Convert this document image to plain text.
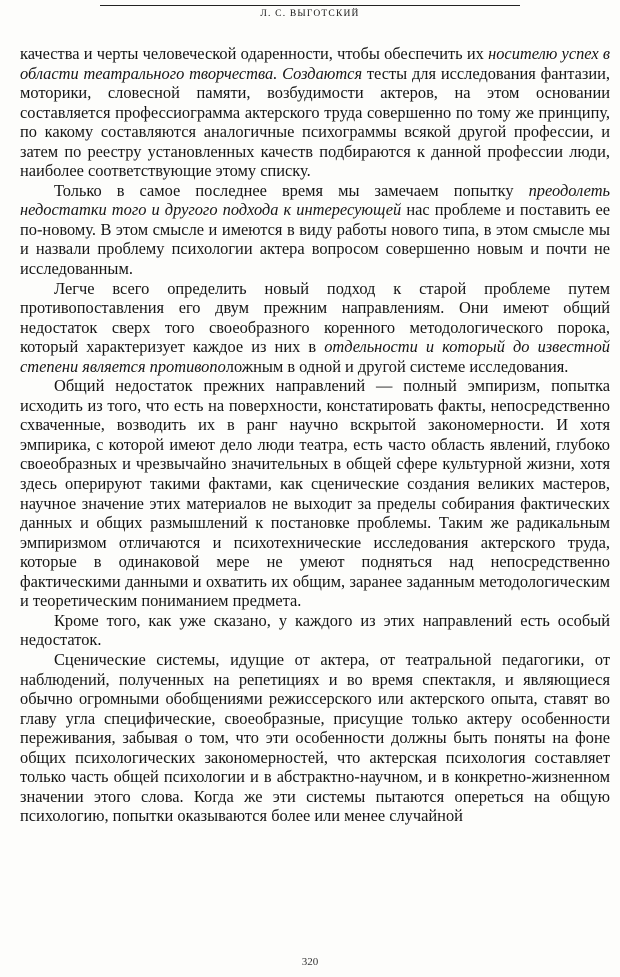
Л. С. ВЫГОТСКИЙ

качества и черты человеческой одаренности, чтобы обеспечить их носителю успех в области театрального творчества. Создаются тесты для исследования фантазии, моторики, словесной памяти, возбудимости актеров, на этом основании составляется профессиограмма актерского труда совершенно по тому же принципу, по какому составляются аналогичные психограммы всякой другой профессии, и затем по реестру установленных качеств подбираются к данной профессии люди, наиболее соответствующие этому списку.

Только в самое последнее время мы замечаем попытку преодолеть недостатки того и другого подхода к интересующей нас проблеме и поставить ее по-новому. В этом смысле и имеются в виду работы нового типа, в этом смысле мы и назвали проблему психологии актера вопросом совершенно новым и почти не исследованным.

Легче всего определить новый подход к старой проблеме путем противопоставления его двум прежним направлениям. Они имеют общий недостаток сверх того своеобразного коренного методологического порока, который характеризует каждое из них в отдельности и который до известной степени является противоположным в одной и другой системе исследования.

Общий недостаток прежних направлений — полный эмпиризм, попытка исходить из того, что есть на поверхности, констатировать факты, непосредственно схваченные, возводить их в ранг научно вскрытой закономерности. И хотя эмпирика, с которой имеют дело люди театра, есть часто область явлений, глубоко своеобразных и чрезвычайно значительных в общей сфере культурной жизни, хотя здесь оперируют такими фактами, как сценические создания великих мастеров, научное значение этих материалов не выходит за пределы собирания фактических данных и общих размышлений к постановке проблемы. Таким же радикальным эмпиризмом отличаются и психотехнические исследования актерского труда, которые в одинаковой мере не умеют подняться над непосредственно фактическими данными и охватить их общим, заранее заданным методологическим и теоретическим пониманием предмета.

Кроме того, как уже сказано, у каждого из этих направлений есть особый недостаток.

Сценические системы, идущие от актера, от театральной педагогики, от наблюдений, полученных на репетициях и во время спектакля, и являющиеся обычно огромными обобщениями режиссерского или актерского опыта, ставят во главу угла специфические, своеобразные, присущие только актеру особенности переживания, забывая о том, что эти особенности должны быть поняты на фоне общих психологических закономерностей, что актерская психология составляет только часть общей психологии и в абстрактно-научном, и в конкретно-жизненном значении этого слова. Когда же эти системы пытаются опереться на общую психологию, попытки оказываются более или менее случайной

320
